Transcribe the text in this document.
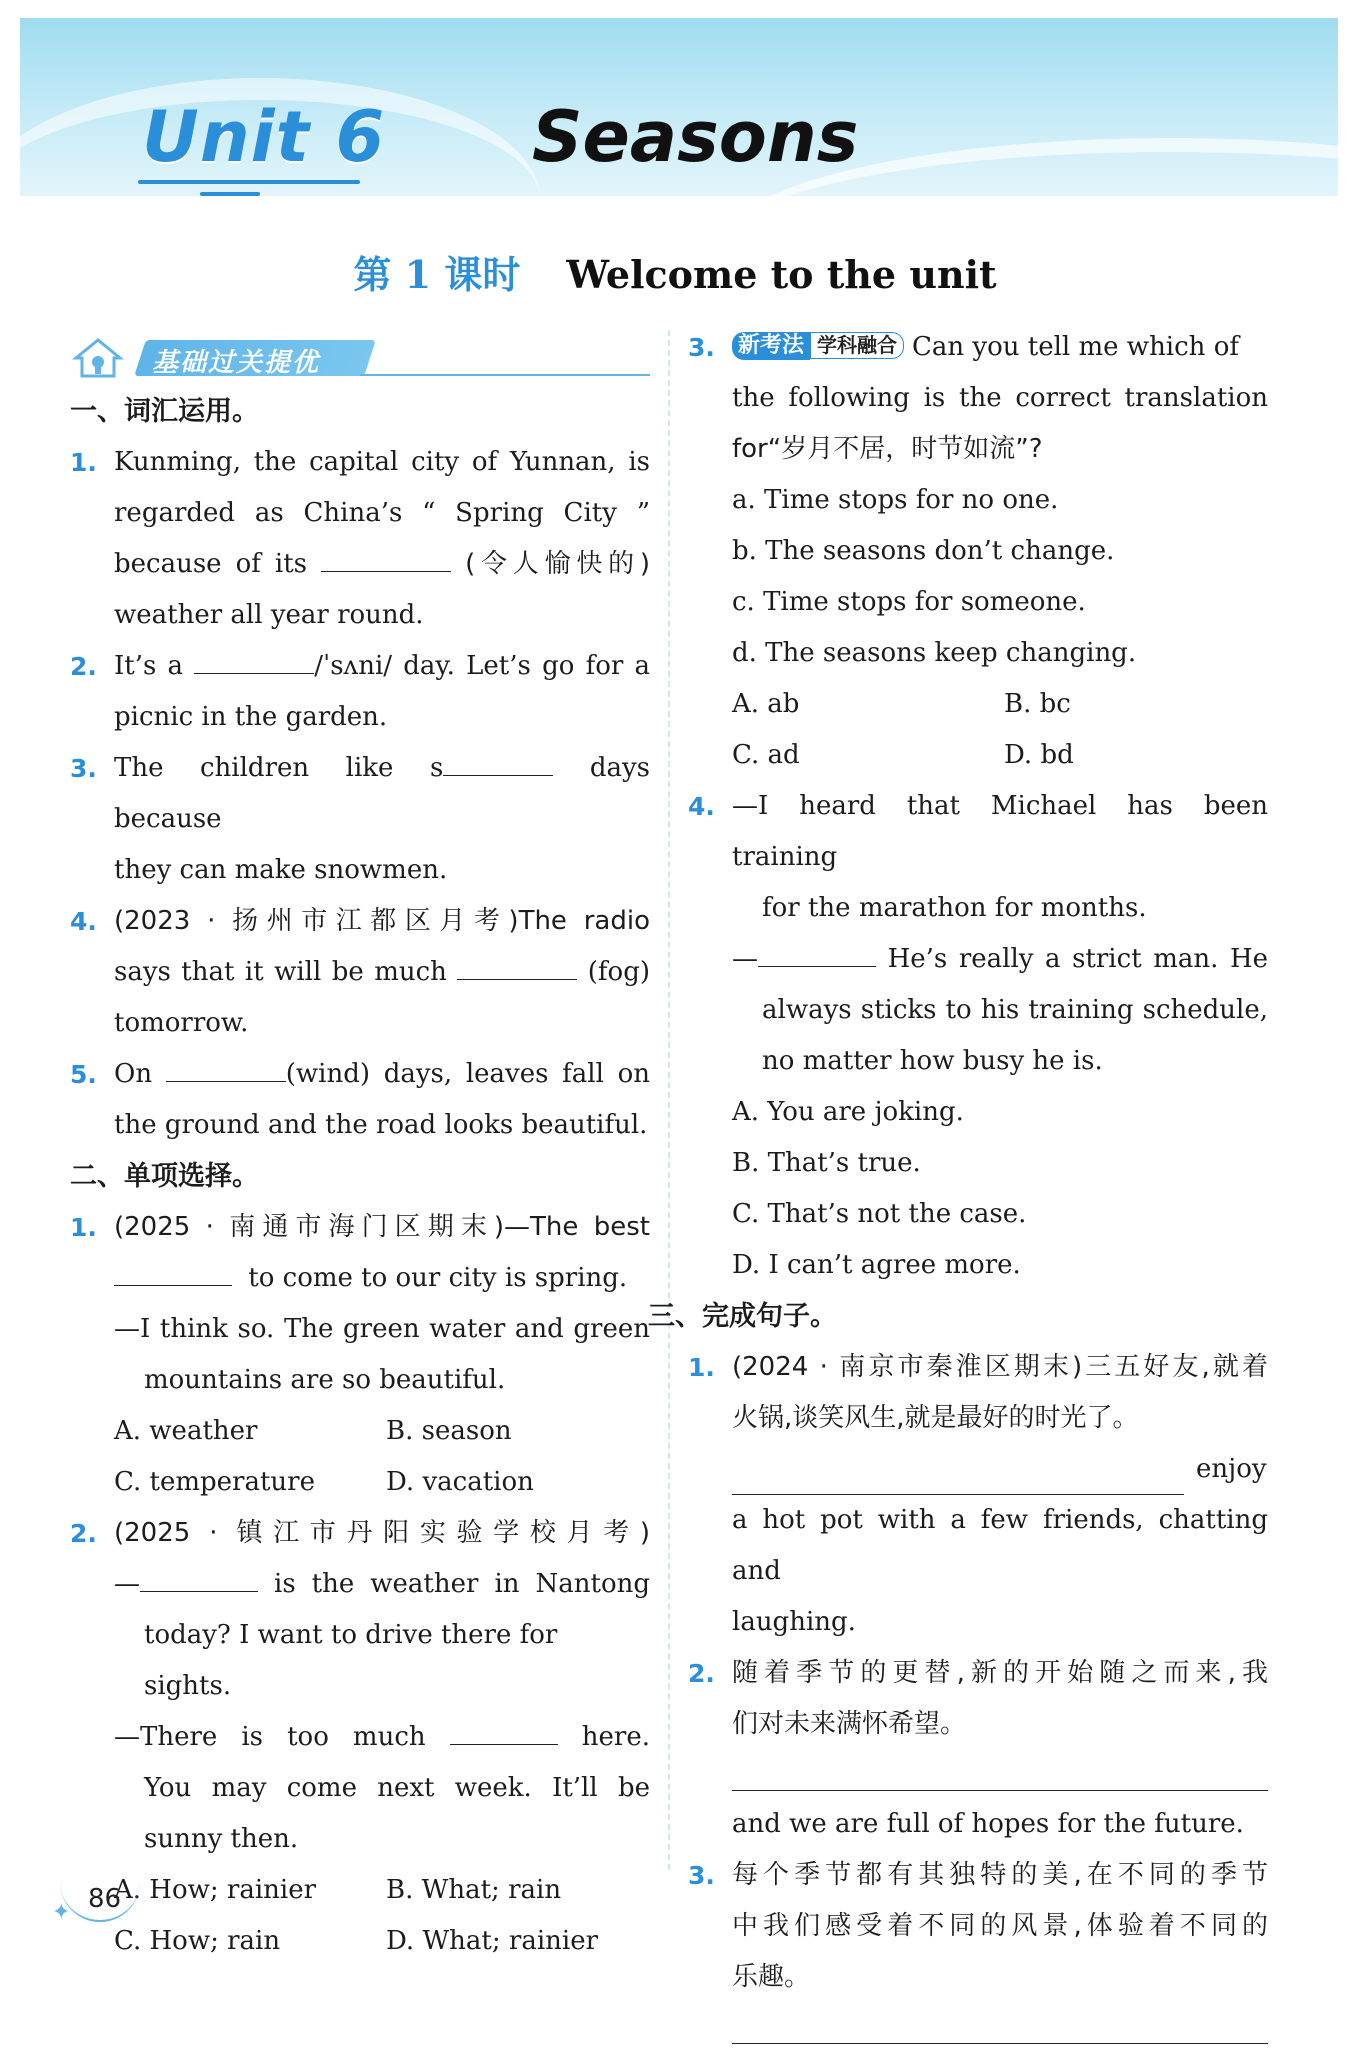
Unit 6 Seasons
第 1 课时 Welcome to the unit
基础过关提优
一、词汇运用。
1. Kunming, the capital city of Yunnan, is
regarded as China’s “ Spring City ”
because of its	(令人愉快的)
weather all year round.
2. It’s a	/ˈsʌni/ day. Let’s go for a
picnic in the garden.
3. The children like s	days because
they can make snowmen.
4. (2023 · 扬州市江都区月考)The radio
says that it will be much	(fog)
tomorrow.
5. On	(wind) days, leaves fall on
the ground and the road looks beautiful.
二、单项选择。
1. (2025 · 南通市海门区期末)—The best
to come to our city is spring.
—I think so. The green water and green
mountains are so beautiful.
A. weather	B. season
C. temperature	D. vacation
2. (2025 · 镇江市丹阳实验学校月考)
—	is the weather in Nantong
today? I want to drive there for sights.
—There is too much	here.
You may come next week. It’ll be
sunny then.
A. How; rainier	B. What; rain
C. How; rain	D. What; rainier
3. 新考法 学科融合 Can you tell me which of
the following is the correct translation
for“岁月不居，时节如流”?
a. Time stops for no one.
b. The seasons don’t change.
c. Time stops for someone.
d. The seasons keep changing.
A. ab	B. bc
C. ad	D. bd
4. —I heard that Michael has been training
for the marathon for months.
—	He’s really a strict man. He
always sticks to his training schedule,
no matter how busy he is.
A. You are joking.
B. That’s true.
C. That’s not the case.
D. I can’t agree more.
三、完成句子。
1. (2024 · 南京市秦淮区期末)三五好友,就着
火锅,谈笑风生,就是最好的时光了。
enjoy
a hot pot with a few friends, chatting and
laughing.
2. 随着季节的更替,新的开始随之而来,我
们对未来满怀希望。
and we are full of hopes for the future.
3. 每个季节都有其独特的美,在不同的季节
中我们感受着不同的风景,体验着不同的
乐趣。
✦ 86
